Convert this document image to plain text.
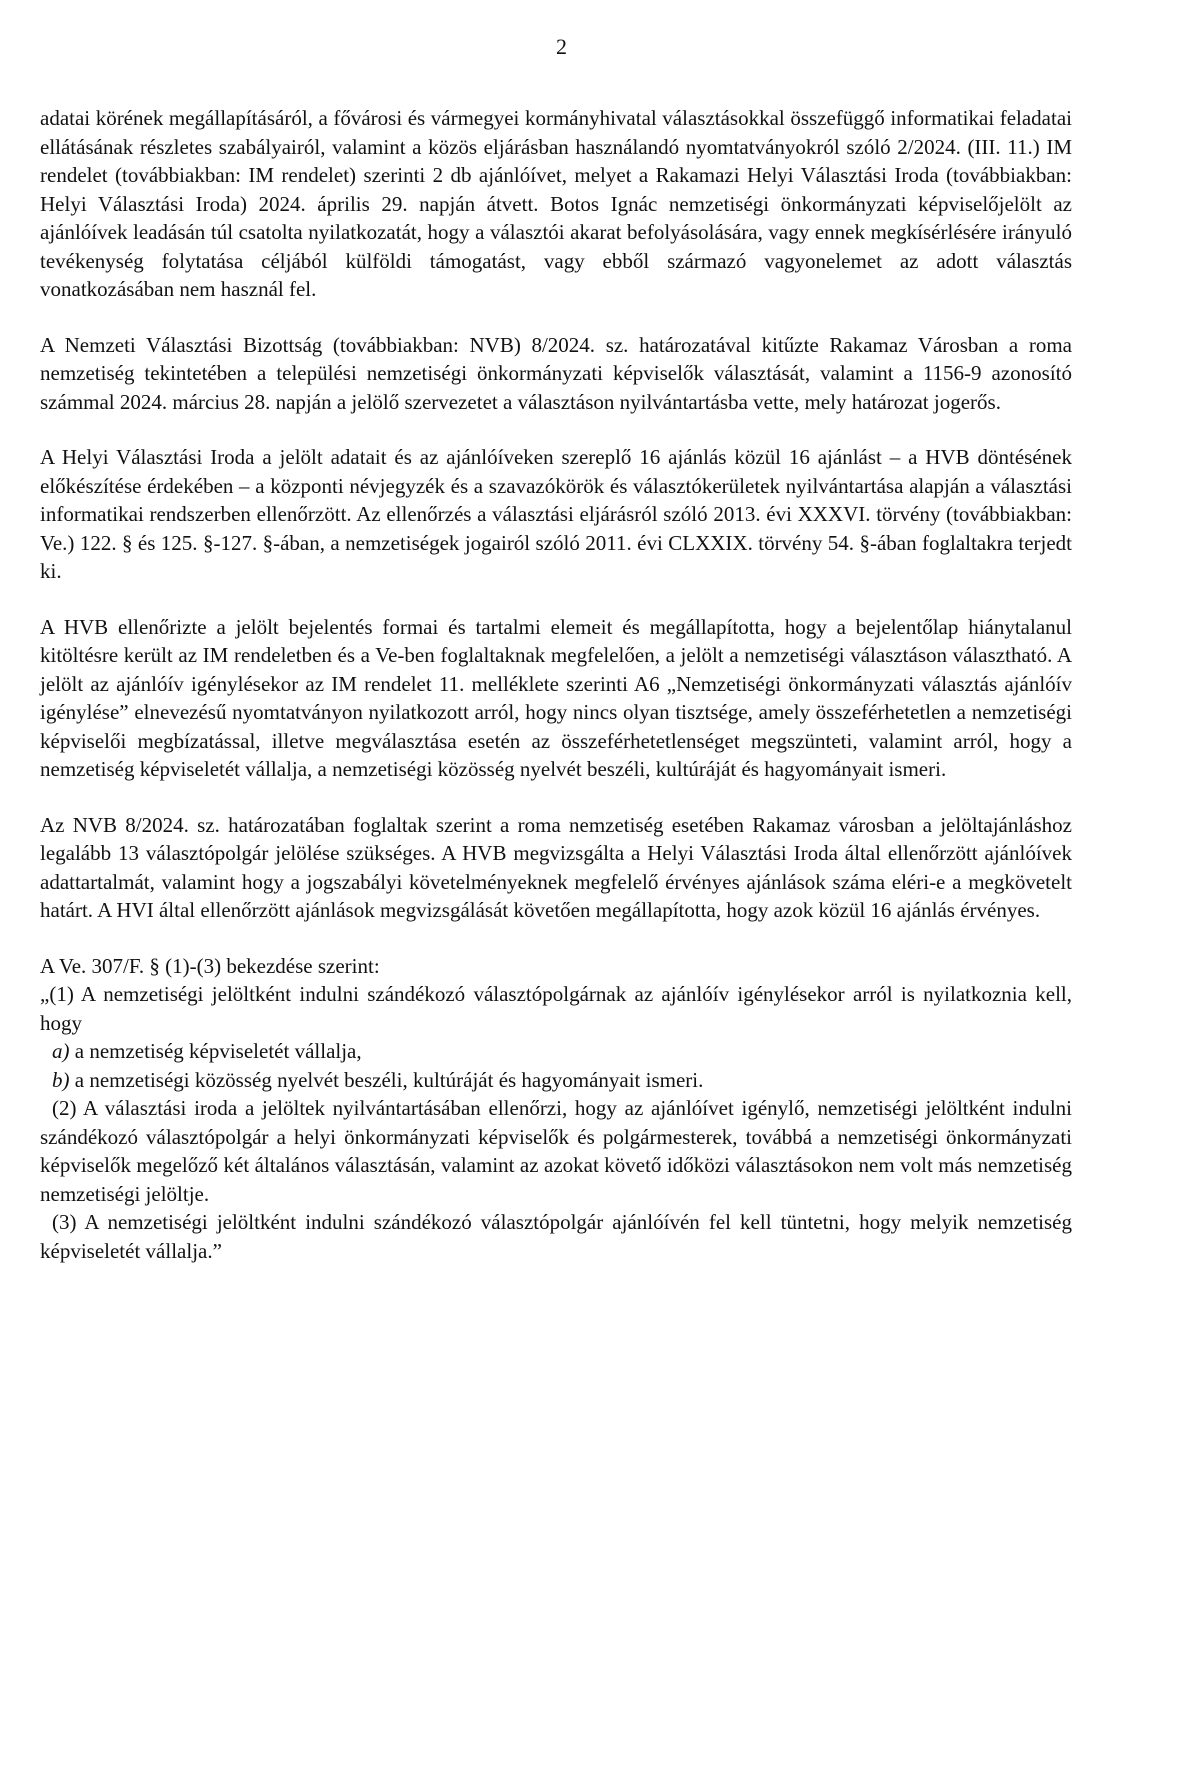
2

adatai körének megállapításáról, a fővárosi és vármegyei kormányhivatal választásokkal összefüggő informatikai feladatai ellátásának részletes szabályairól, valamint a közös eljárásban használandó nyomtatványokról szóló 2/2024. (III. 11.) IM rendelet (továbbiakban: IM rendelet) szerinti 2 db ajánlóívet, melyet a Rakamazi Helyi Választási Iroda (továbbiakban: Helyi Választási Iroda) 2024. április 29. napján átvett. Botos Ignác nemzetiségi önkormányzati képviselőjelölt az ajánlóívek leadásán túl csatolta nyilatkozatát, hogy a választói akarat befolyásolására, vagy ennek megkísérlésére irányuló tevékenység folytatása céljából külföldi támogatást, vagy ebből származó vagyonelemet az adott választás vonatkozásában nem használ fel.

A Nemzeti Választási Bizottság (továbbiakban: NVB) 8/2024. sz. határozatával kitűzte Rakamaz Városban a roma nemzetiség tekintetében a települési nemzetiségi önkormányzati képviselők választását, valamint a 1156-9 azonosító számmal 2024. március 28. napján a jelölő szervezetet a választáson nyilvántartásba vette, mely határozat jogerős.

A Helyi Választási Iroda a jelölt adatait és az ajánlóíveken szereplő 16 ajánlás közül 16 ajánlást – a HVB döntésének előkészítése érdekében – a központi névjegyzék és a szavazókörök és választókerületek nyilvántartása alapján a választási informatikai rendszerben ellenőrzött. Az ellenőrzés a választási eljárásról szóló 2013. évi XXXVI. törvény (továbbiakban: Ve.) 122. § és 125. §-127. §-ában, a nemzetiségek jogairól szóló 2011. évi CLXXIX. törvény 54. §-ában foglaltakra terjedt ki.

A HVB ellenőrizte a jelölt bejelentés formai és tartalmi elemeit és megállapította, hogy a bejelentőlap hiánytalanul kitöltésre került az IM rendeletben és a Ve-ben foglaltaknak megfelelően, a jelölt a nemzetiségi választáson választható. A jelölt az ajánlóív igénylésekor az IM rendelet 11. melléklete szerinti A6 „Nemzetiségi önkormányzati választás ajánlóív igénylése” elnevezésű nyomtatványon nyilatkozott arról, hogy nincs olyan tisztsége, amely összeférhetetlen a nemzetiségi képviselői megbízatással, illetve megválasztása esetén az összeférhetetlenséget megszünteti, valamint arról, hogy a nemzetiség képviseletét vállalja, a nemzetiségi közösség nyelvét beszéli, kultúráját és hagyományait ismeri.

Az NVB 8/2024. sz. határozatában foglaltak szerint a roma nemzetiség esetében Rakamaz városban a jelöltajánláshoz legalább 13 választópolgár jelölése szükséges. A HVB megvizsgálta a Helyi Választási Iroda által ellenőrzött ajánlóívek adattartalmát, valamint hogy a jogszabályi követelményeknek megfelelő érvényes ajánlások száma eléri-e a megkövetelt határt. A HVI által ellenőrzött ajánlások megvizsgálását követően megállapította, hogy azok közül 16 ajánlás érvényes.

A Ve. 307/F. § (1)-(3) bekezdése szerint:

„(1) A nemzetiségi jelöltként indulni szándékozó választópolgárnak az ajánlóív igénylésekor arról is nyilatkoznia kell, hogy

a) a nemzetiség képviseletét vállalja,

b) a nemzetiségi közösség nyelvét beszéli, kultúráját és hagyományait ismeri.

(2) A választási iroda a jelöltek nyilvántartásában ellenőrzi, hogy az ajánlóívet igénylő, nemzetiségi jelöltként indulni szándékozó választópolgár a helyi önkormányzati képviselők és polgármesterek, továbbá a nemzetiségi önkormányzati képviselők megelőző két általános választásán, valamint az azokat követő időközi választásokon nem volt más nemzetiség nemzetiségi jelöltje.

(3) A nemzetiségi jelöltként indulni szándékozó választópolgár ajánlóívén fel kell tüntetni, hogy melyik nemzetiség képviseletét vállalja.”
